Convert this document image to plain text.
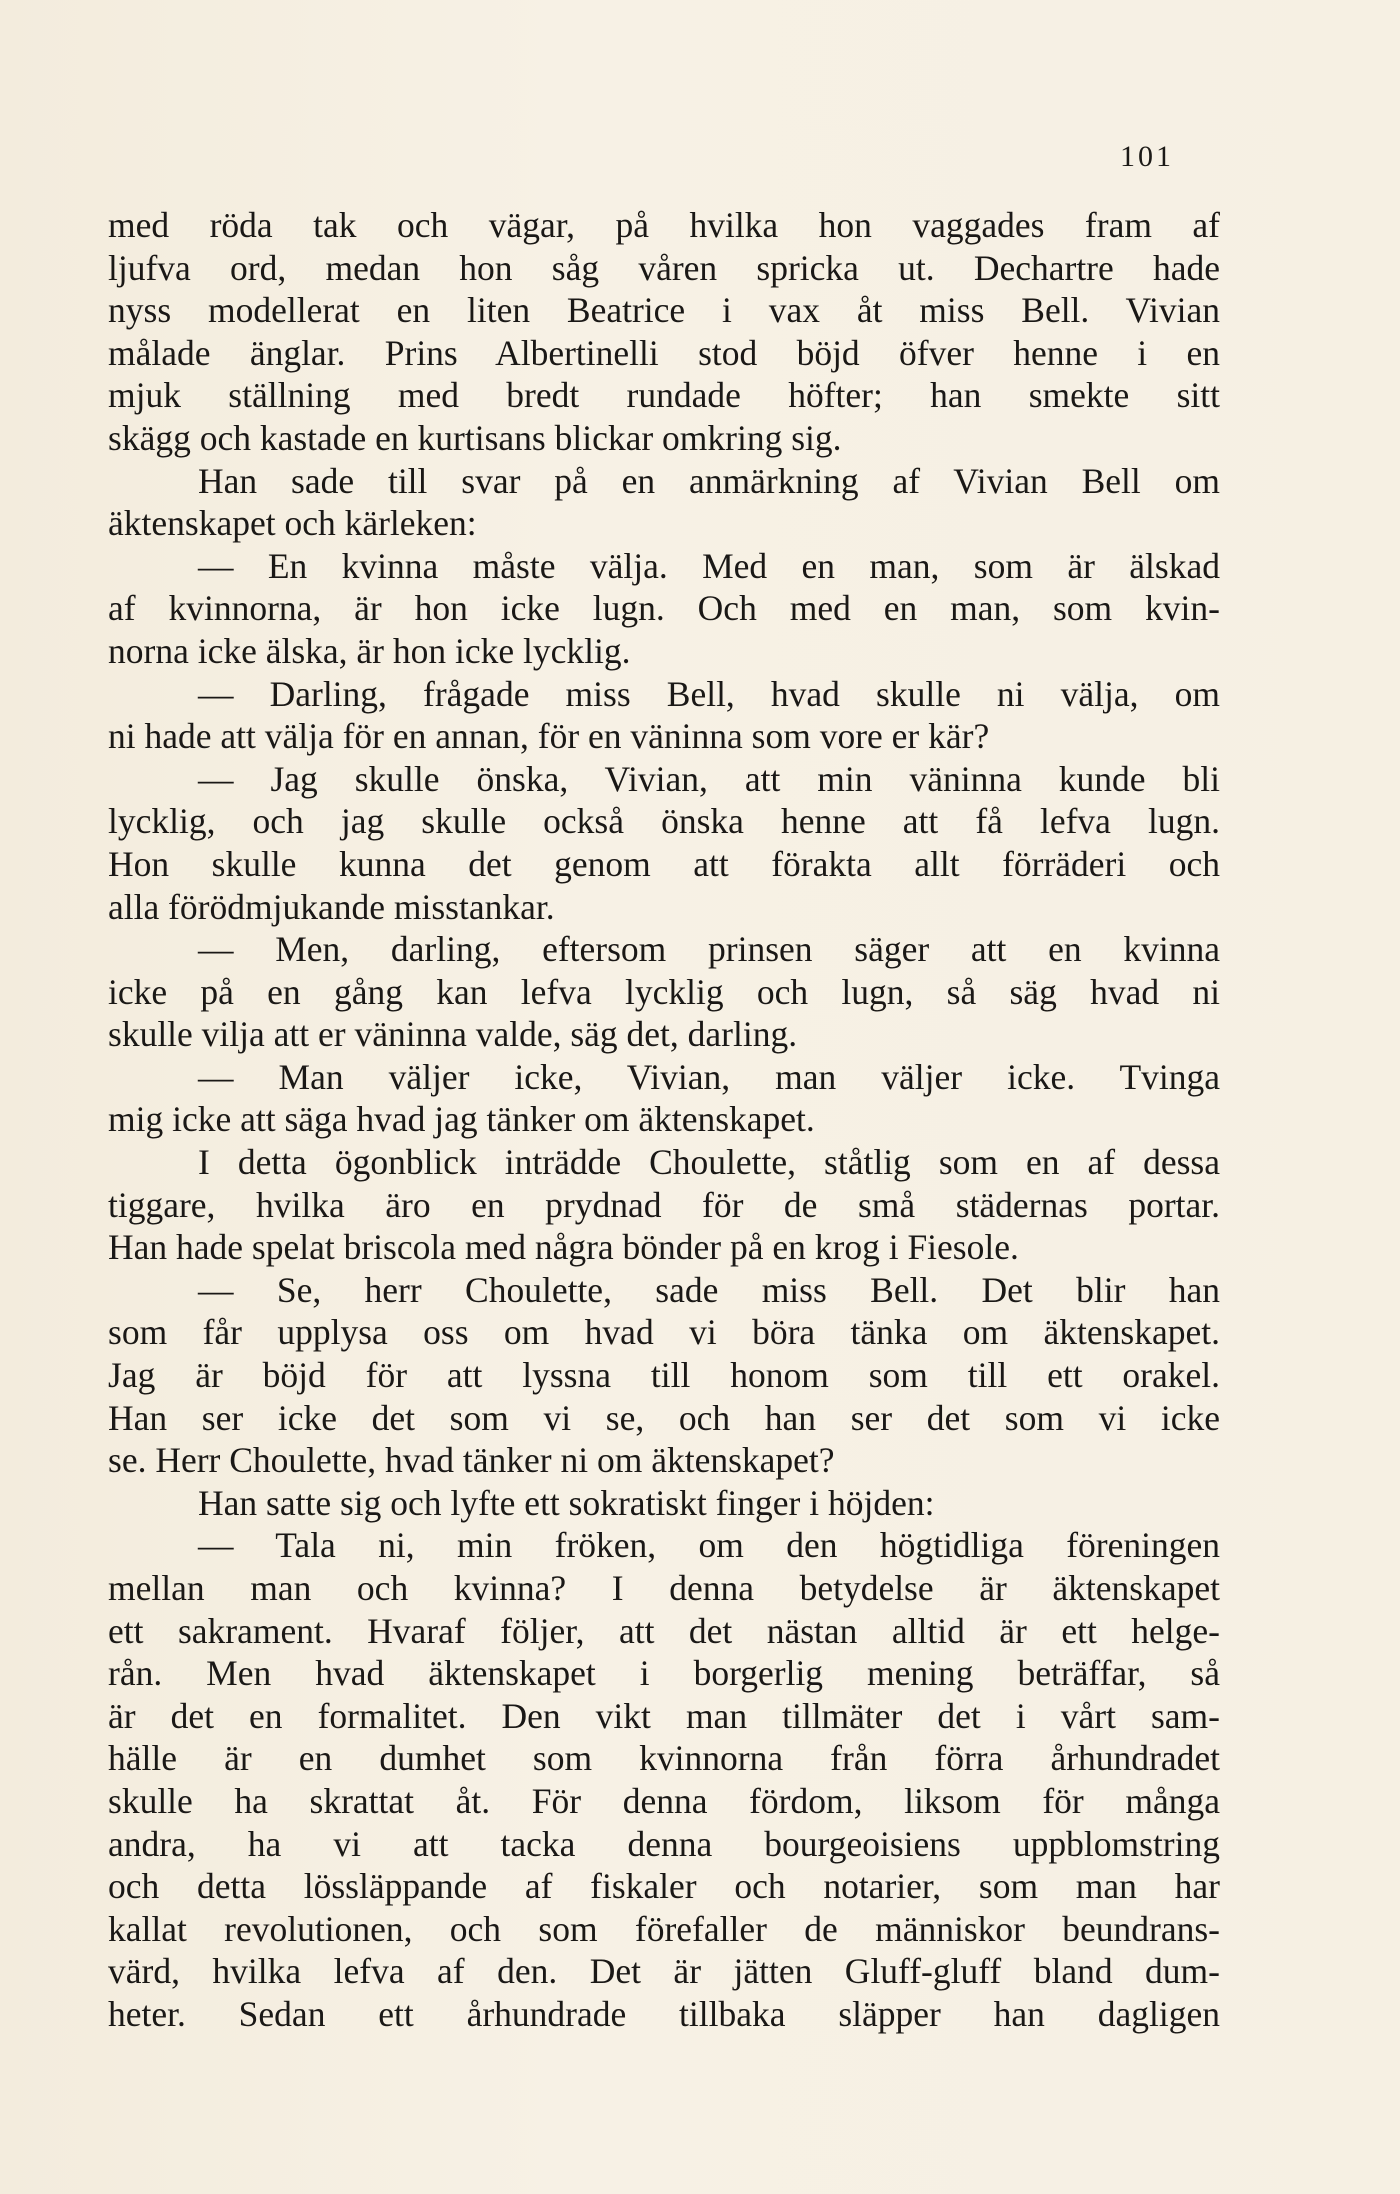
101
med röda tak och vägar, på hvilka hon vaggades fram af
ljufva ord, medan hon såg våren spricka ut. Dechartre hade
nyss modellerat en liten Beatrice i vax åt miss Bell. Vivian
målade änglar. Prins Albertinelli stod böjd öfver henne i en
mjuk ställning med bredt rundade höfter; han smekte sitt
skägg och kastade en kurtisans blickar omkring sig.
Han sade till svar på en anmärkning af Vivian Bell om
äktenskapet och kärleken:
— En kvinna måste välja. Med en man, som är älskad
af kvinnorna, är hon icke lugn. Och med en man, som kvin-
norna icke älska, är hon icke lycklig.
— Darling, frågade miss Bell, hvad skulle ni välja, om
ni hade att välja för en annan, för en väninna som vore er kär?
— Jag skulle önska, Vivian, att min väninna kunde bli
lycklig, och jag skulle också önska henne att få lefva lugn.
Hon skulle kunna det genom att förakta allt förräderi och
alla förödmjukande misstankar.
— Men, darling, eftersom prinsen säger att en kvinna
icke på en gång kan lefva lycklig och lugn, så säg hvad ni
skulle vilja att er väninna valde, säg det, darling.
— Man väljer icke, Vivian, man väljer icke. Tvinga
mig icke att säga hvad jag tänker om äktenskapet.
I detta ögonblick inträdde Choulette, ståtlig som en af dessa
tiggare, hvilka äro en prydnad för de små städernas portar.
Han hade spelat briscola med några bönder på en krog i Fiesole.
— Se, herr Choulette, sade miss Bell. Det blir han
som får upplysa oss om hvad vi böra tänka om äktenskapet.
Jag är böjd för att lyssna till honom som till ett orakel.
Han ser icke det som vi se, och han ser det som vi icke
se. Herr Choulette, hvad tänker ni om äktenskapet?
Han satte sig och lyfte ett sokratiskt finger i höjden:
— Tala ni, min fröken, om den högtidliga föreningen
mellan man och kvinna? I denna betydelse är äktenskapet
ett sakrament. Hvaraf följer, att det nästan alltid är ett helge-
rån. Men hvad äktenskapet i borgerlig mening beträffar, så
är det en formalitet. Den vikt man tillmäter det i vårt sam-
hälle är en dumhet som kvinnorna från förra århundradet
skulle ha skrattat åt. För denna fördom, liksom för många
andra, ha vi att tacka denna bourgeoisiens uppblomstring
och detta lössläppande af fiskaler och notarier, som man har
kallat revolutionen, och som förefaller de människor beundrans-
värd, hvilka lefva af den. Det är jätten Gluff-gluff bland dum-
heter. Sedan ett århundrade tillbaka släpper han dagligen
